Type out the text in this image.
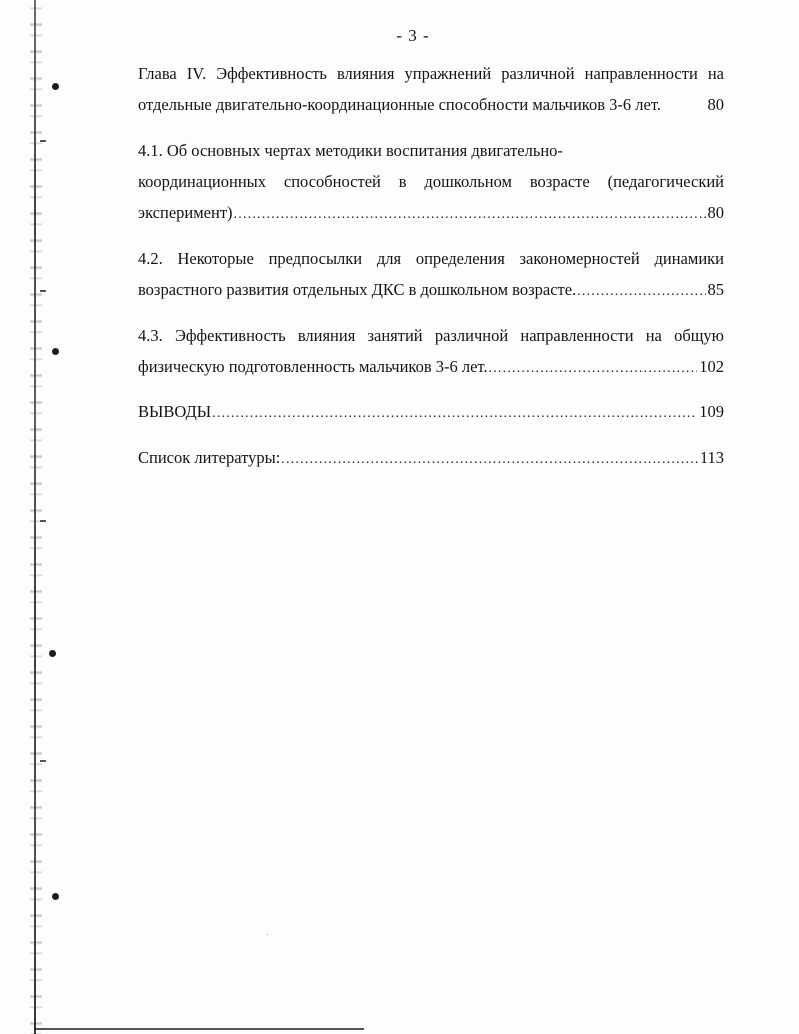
- 3 -
Глава IV. Эффективность влияния упражнений различной направленности на
отдельные двигательно-координационные способности мальчиков 3-6 лет.	80
4.1. Об основных чертах методики воспитания двигательно-
координационных способностей в дошкольном возрасте (педагогический
эксперимент) .....	80
4.2. Некоторые предпосылки для определения закономерностей динамики
возрастного развития отдельных ДКС в дошкольном возрасте. .....	85
4.3. Эффективность влияния занятий различной направленности на общую
физическую подготовленность мальчиков 3-6 лет. .....	102
ВЫВОДЫ .....	109
Список литературы: .....	113
